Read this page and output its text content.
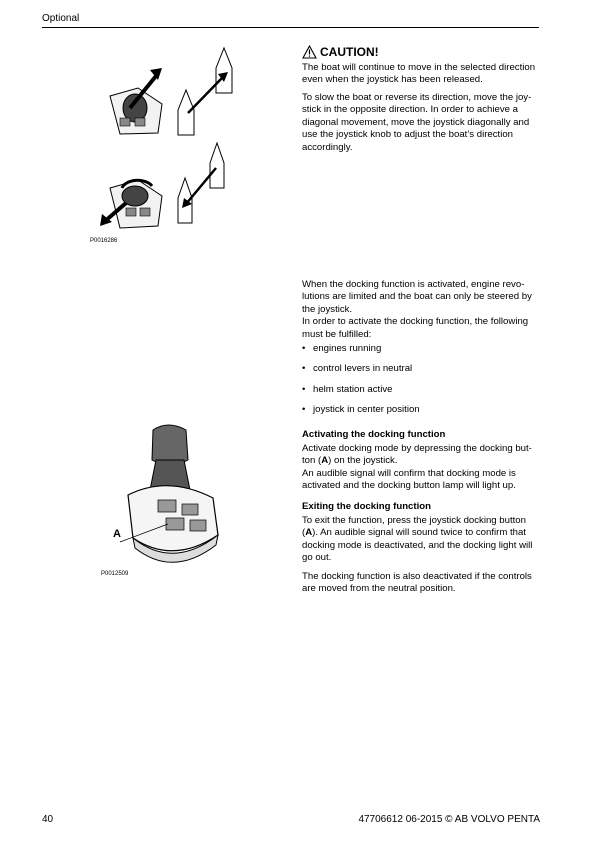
Optional
P0016286
A
P0012509
CAUTION!

The boat will continue to move in the selected direction even when the joystick has been released.

To slow the boat or reverse its direction, move the joy-stick in the opposite direction. In order to achieve a diagonal movement, move the joystick diagonally and use the joystick knob to adjust the boat’s direction accordingly.

When the docking function is activated, engine revo-lutions are limited and the boat can only be steered by the joystick.

In order to activate the docking function, the following must be fulfilled:

• engines running
• control levers in neutral
• helm station active
• joystick in center position

Activating the docking function

Activate docking mode by depressing the docking but-ton (A) on the joystick.

An audible signal will confirm that docking mode is activated and the docking button lamp will light up.

Exiting the docking function

To exit the function, press the joystick docking button (A). An audible signal will sound twice to confirm that docking mode is deactivated, and the docking light will go out.

The docking function is also deactivated if the controls are moved from the neutral position.

40	47706612 06-2015 © AB VOLVO PENTA
